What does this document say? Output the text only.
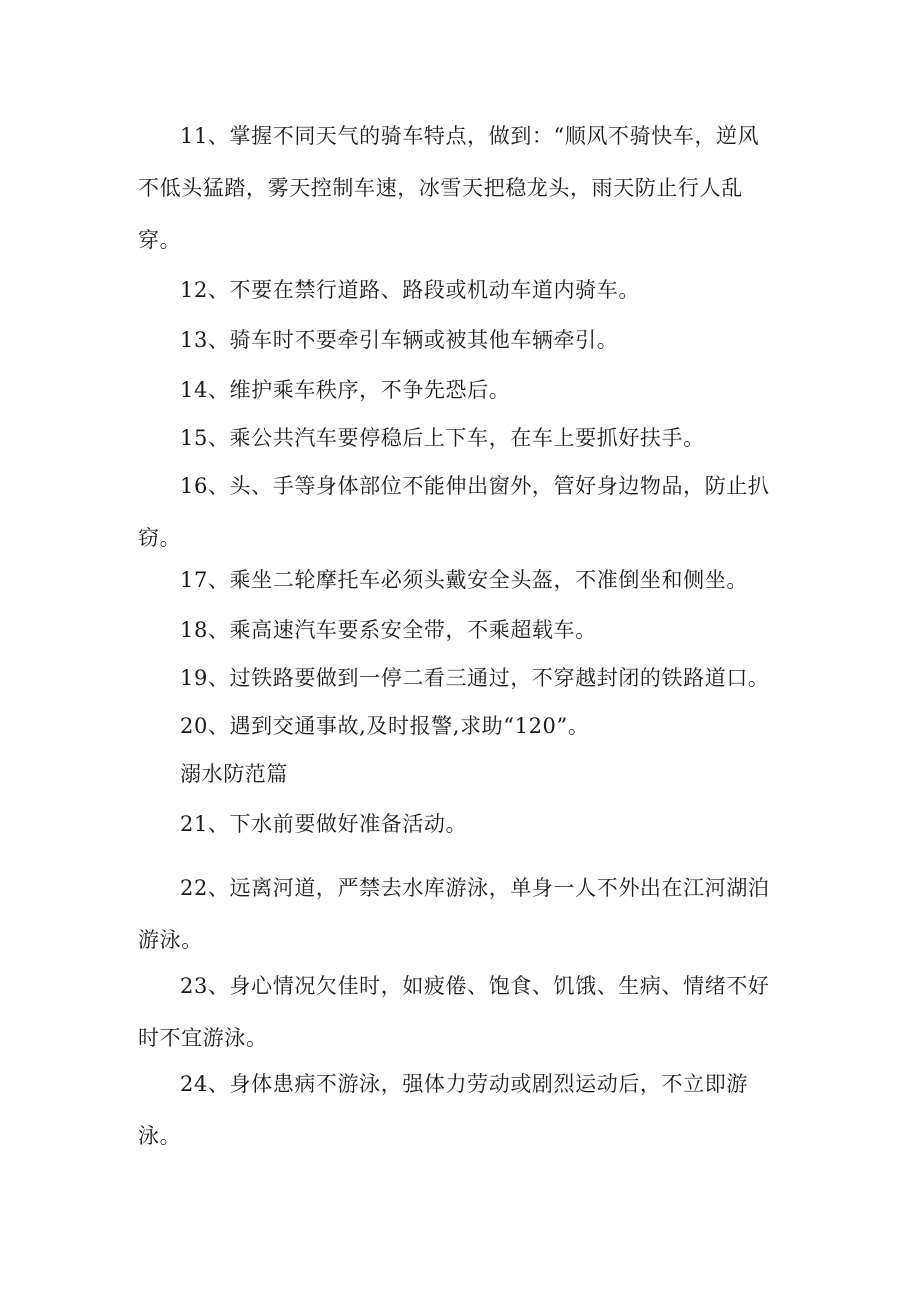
11、掌握不同天气的骑车特点，做到：“顺风不骑快车，逆风不低头猛踏，雾天控制车速，冰雪天把稳龙头，雨天防止行人乱穿。

12、不要在禁行道路、路段或机动车道内骑车。

13、骑车时不要牵引车辆或被其他车辆牵引。

14、维护乘车秩序，不争先恐后。

15、乘公共汽车要停稳后上下车，在车上要抓好扶手。

16、头、手等身体部位不能伸出窗外，管好身边物品，防止扒窃。

17、乘坐二轮摩托车必须头戴安全头盔，不准倒坐和侧坐。

18、乘高速汽车要系安全带，不乘超载车。

19、过铁路要做到一停二看三通过，不穿越封闭的铁路道口。

20、遇到交通事故,及时报警,求助“120”。

溺水防范篇

21、下水前要做好准备活动。

22、远离河道，严禁去水库游泳，单身一人不外出在江河湖泊游泳。

23、身心情况欠佳时，如疲倦、饱食、饥饿、生病、情绪不好时不宜游泳。

24、身体患病不游泳，强体力劳动或剧烈运动后，不立即游泳。
